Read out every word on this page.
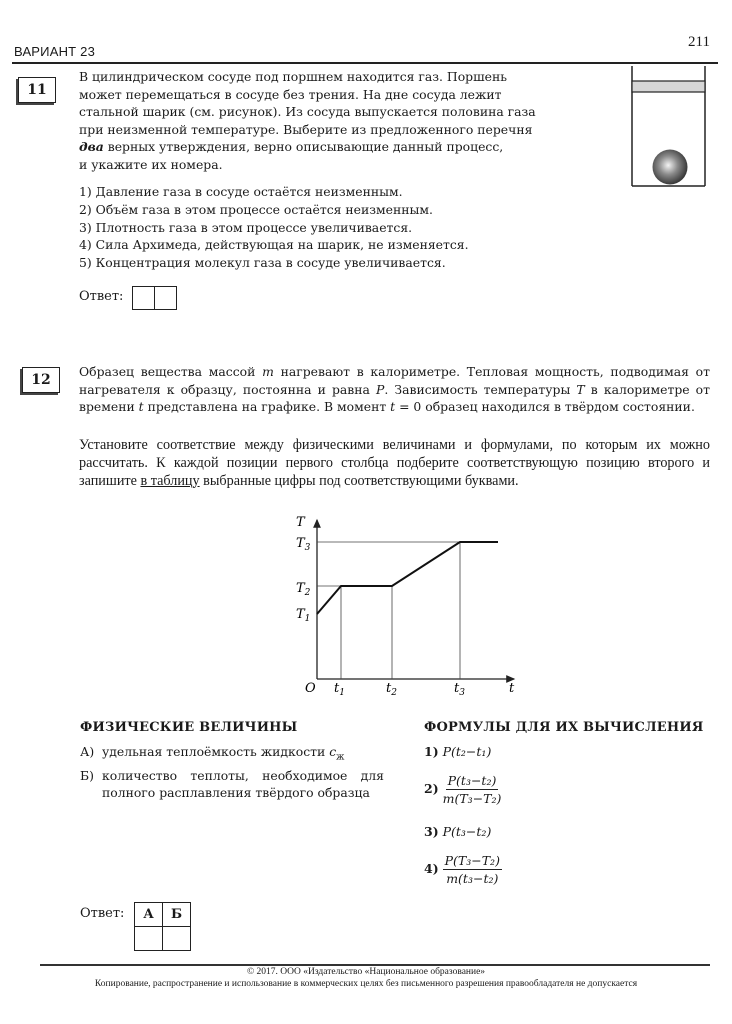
ВАРИАНТ 23
211
11
В цилиндрическом сосуде под поршнем находится газ. Поршень
может перемещаться в сосуде без трения. На дне сосуда лежит
стальной шарик (см. рисунок). Из сосуда выпускается половина газа
при неизменной температуре. Выберите из предложенного перечня
два верных утверждения, верно описывающие данный процесс,
и укажите их номера.
1) Давление газа в сосуде остаётся неизменным.
2) Объём газа в этом процессе остаётся неизменным.
3) Плотность газа в этом процессе увеличивается.
4) Сила Архимеда, действующая на шарик, не изменяется.
5) Концентрация молекул газа в сосуде увеличивается.
Ответ:
12
Образец вещества массой m нагревают в калориметре. Тепловая мощность, подводимая от нагревателя к образцу, постоянна и равна P. Зависимость температуры T в калориметре от времени t представлена на графике. В момент t = 0 образец находился в твёрдом состоянии.
Установите соответствие между физическими величинами и формулами, по которым их можно рассчитать. К каждой позиции первого столбца подберите соответствующую позицию второго и запишите в таблицу выбранные цифры под соответствующими буквами.
T
$T_3$
$T_2$
$T_1$
O $t_1$	$t_2$	$t_3$	t
ФИЗИЧЕСКИЕ ВЕЛИЧИНЫ	ФОРМУЛЫ ДЛЯ ИХ ВЫЧИСЛЕНИЯ
А) удельная теплоёмкость жидкости $c_ж$
Б) количество теплоты, необходимое для полного расплавления твёрдого образца
1) P(t₂−t₁)
$2) \frac{\text{P(t₃−t₂)}}{\text{m(T₃−T₂)}}$
3) P(t₃−t₂)
$4) \frac{\text{P(T₃−T₂)}}{\text{m(t₃−t₂)}}$
Ответ: А	Б

© 2017. ООО «Издательство «Национальное образование»
Копирование, распространение и использование в коммерческих целях без письменного разрешения правообладателя не допускается
